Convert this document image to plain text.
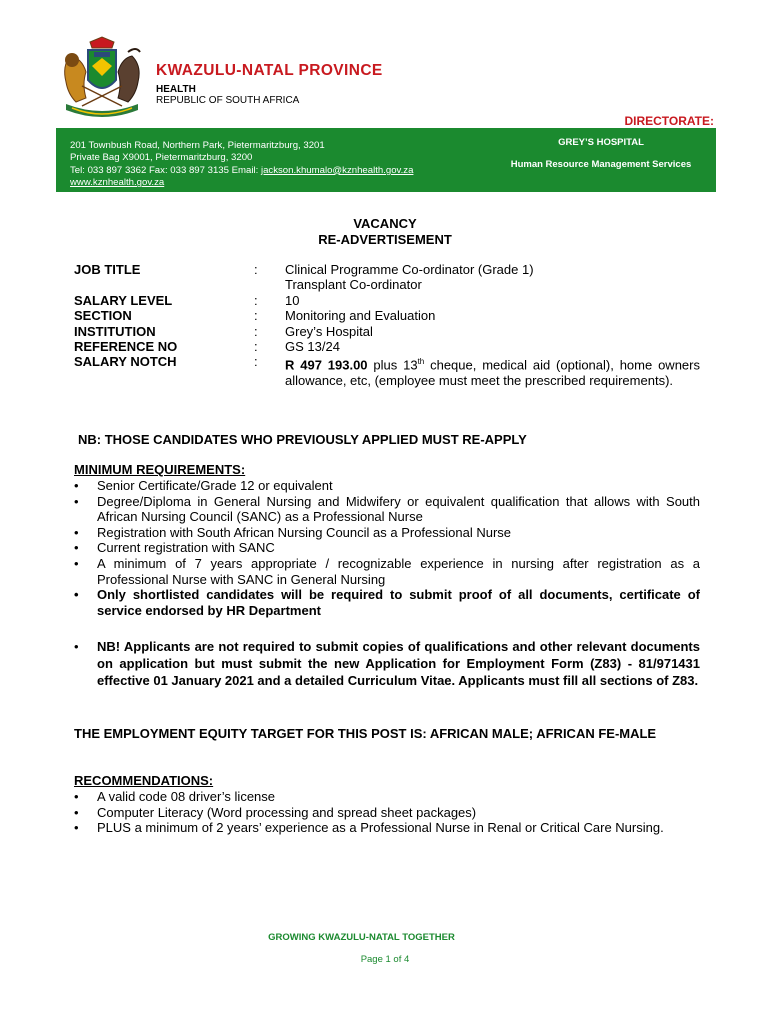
KWAZULU-NATAL PROVINCE
HEALTH
REPUBLIC OF SOUTH AFRICA
DIRECTORATE:
201 Townbush Road, Northern Park, Pietermaritzburg, 3201
Private Bag X9001, Pietermaritzburg, 3200
Tel: 033 897 3362 Fax: 033 897 3135 Email: jackson.khumalo@kznhealth.gov.za
www.kznhealth.gov.za
GREY’S HOSPITAL
Human Resource Management Services
VACANCY
RE-ADVERTISEMENT
JOB TITLE	: Clinical Programme Co-ordinator (Grade 1)
Transplant Co-ordinator
SALARY LEVEL	: 10
SECTION	: Monitoring and Evaluation
INSTITUTION	: Grey’s Hospital
REFERENCE NO	: GS 13/24
SALARY NOTCH	: R 497 193.00 plus 13th cheque, medical aid (optional), home owners allowance, etc, (employee must meet the prescribed requirements).
NB: THOSE CANDIDATES WHO PREVIOUSLY APPLIED MUST RE-APPLY
MINIMUM REQUIREMENTS:
• Senior Certificate/Grade 12 or equivalent
• Degree/Diploma in General Nursing and Midwifery or equivalent qualification that allows with South African Nursing Council (SANC) as a Professional Nurse
• Registration with South African Nursing Council as a Professional Nurse
• Current registration with SANC
• A minimum of 7 years appropriate / recognizable experience in nursing after registration as a Professional Nurse with SANC in General Nursing
• Only shortlisted candidates will be required to submit proof of all documents, certificate of service endorsed by HR Department
• NB! Applicants are not required to submit copies of qualifications and other relevant documents on application but must submit the new Application for Employment Form (Z83) - 81/971431 effective 01 January 2021 and a detailed Curriculum Vitae. Applicants must fill all sections of Z83.
THE EMPLOYMENT EQUITY TARGET FOR THIS POST IS: AFRICAN MALE; AFRICAN FE-MALE
RECOMMENDATIONS:
• A valid code 08 driver’s license
• Computer Literacy (Word processing and spread sheet packages)
• PLUS a minimum of 2 years’ experience as a Professional Nurse in Renal or Critical Care Nursing.
GROWING KWAZULU-NATAL TOGETHER
Page 1 of 4
